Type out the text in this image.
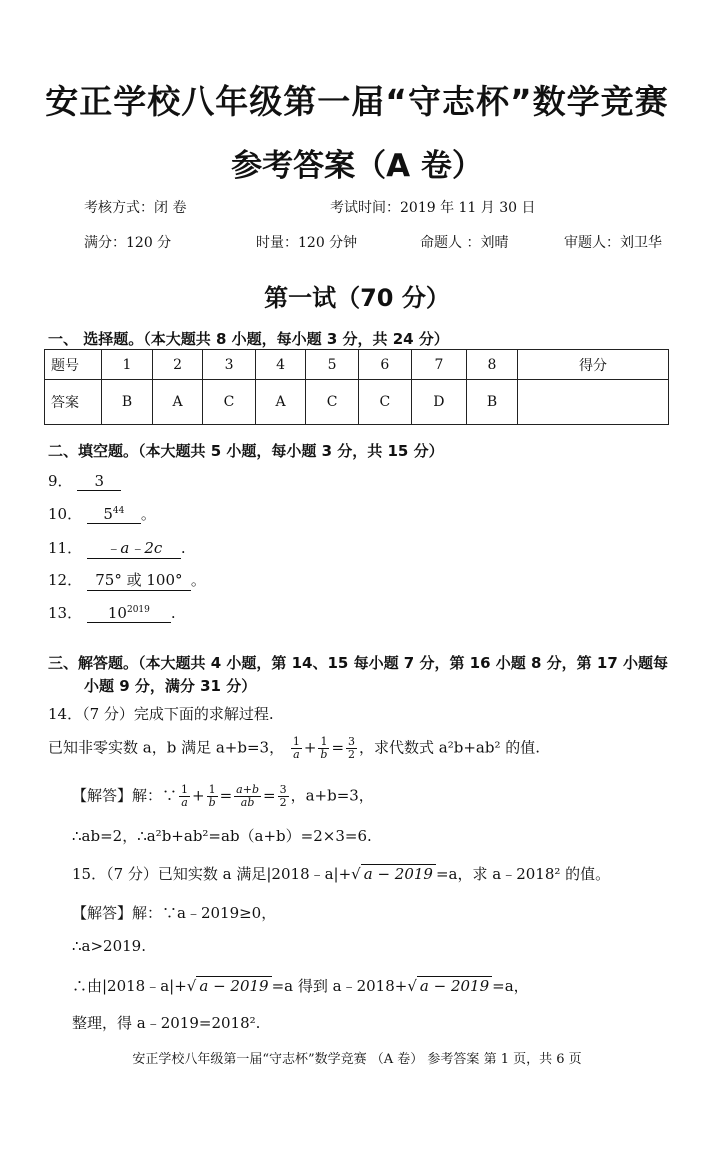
安正学校八年级第一届“守志杯”数学竞赛
参考答案（A 卷）
考核方式：闭 卷	考试时间：2019 年 11 月 30 日
满分：120 分	时量：120 分钟	命题人 ：刘晴	审题人：刘卫华
第一试（70 分）
一、 选择题。（本大题共 8 小题，每小题 3 分，共 24 分）
题号	1	2	3	4	5	6	7	8	得分
答案	B	A	C	A	C	C	D	B	
二、填空题。（本大题共 5 小题，每小题 3 分，共 15 分）
9． 3
10． $5^{44}$ 。
11． ﹣a﹣2c .
12． 75° 或 100° 。
13． $10^{2019}$ .
三、解答题。（本大题共 4 小题，第 14、15 每小题 7 分，第 16 小题 8 分，第 17 小题每
小题 9 分，满分 31 分）
14．（7 分）完成下面的求解过程.
已知非零实数 a，b 满足 a+b=3， $\frac{1}{a} + \frac{1}{b} = \frac{3}{2}$ ，求代数式 a²b+ab² 的值.
【解答】解：∵ $\frac{1}{a} + \frac{1}{b} = \frac{a+b}{ab} = \frac{3}{2}$ ，a+b=3，
∴ab=2，∴a²b+ab²=ab（a+b）=2×3=6.
15．（7 分）已知实数 a 满足|2018﹣a|+√ a − 2019 =a，求 a﹣2018² 的值。
【解答】解：∵a﹣2019≥0，
∴a>2019.
∴由|2018﹣a|+√ a − 2019 =a 得到 a﹣2018+√ a − 2019 =a，
整理，得 a﹣2019=2018².
安正学校八年级第一届“守志杯”数学竞赛 （A 卷） 参考答案 第 1 页，共 6 页
